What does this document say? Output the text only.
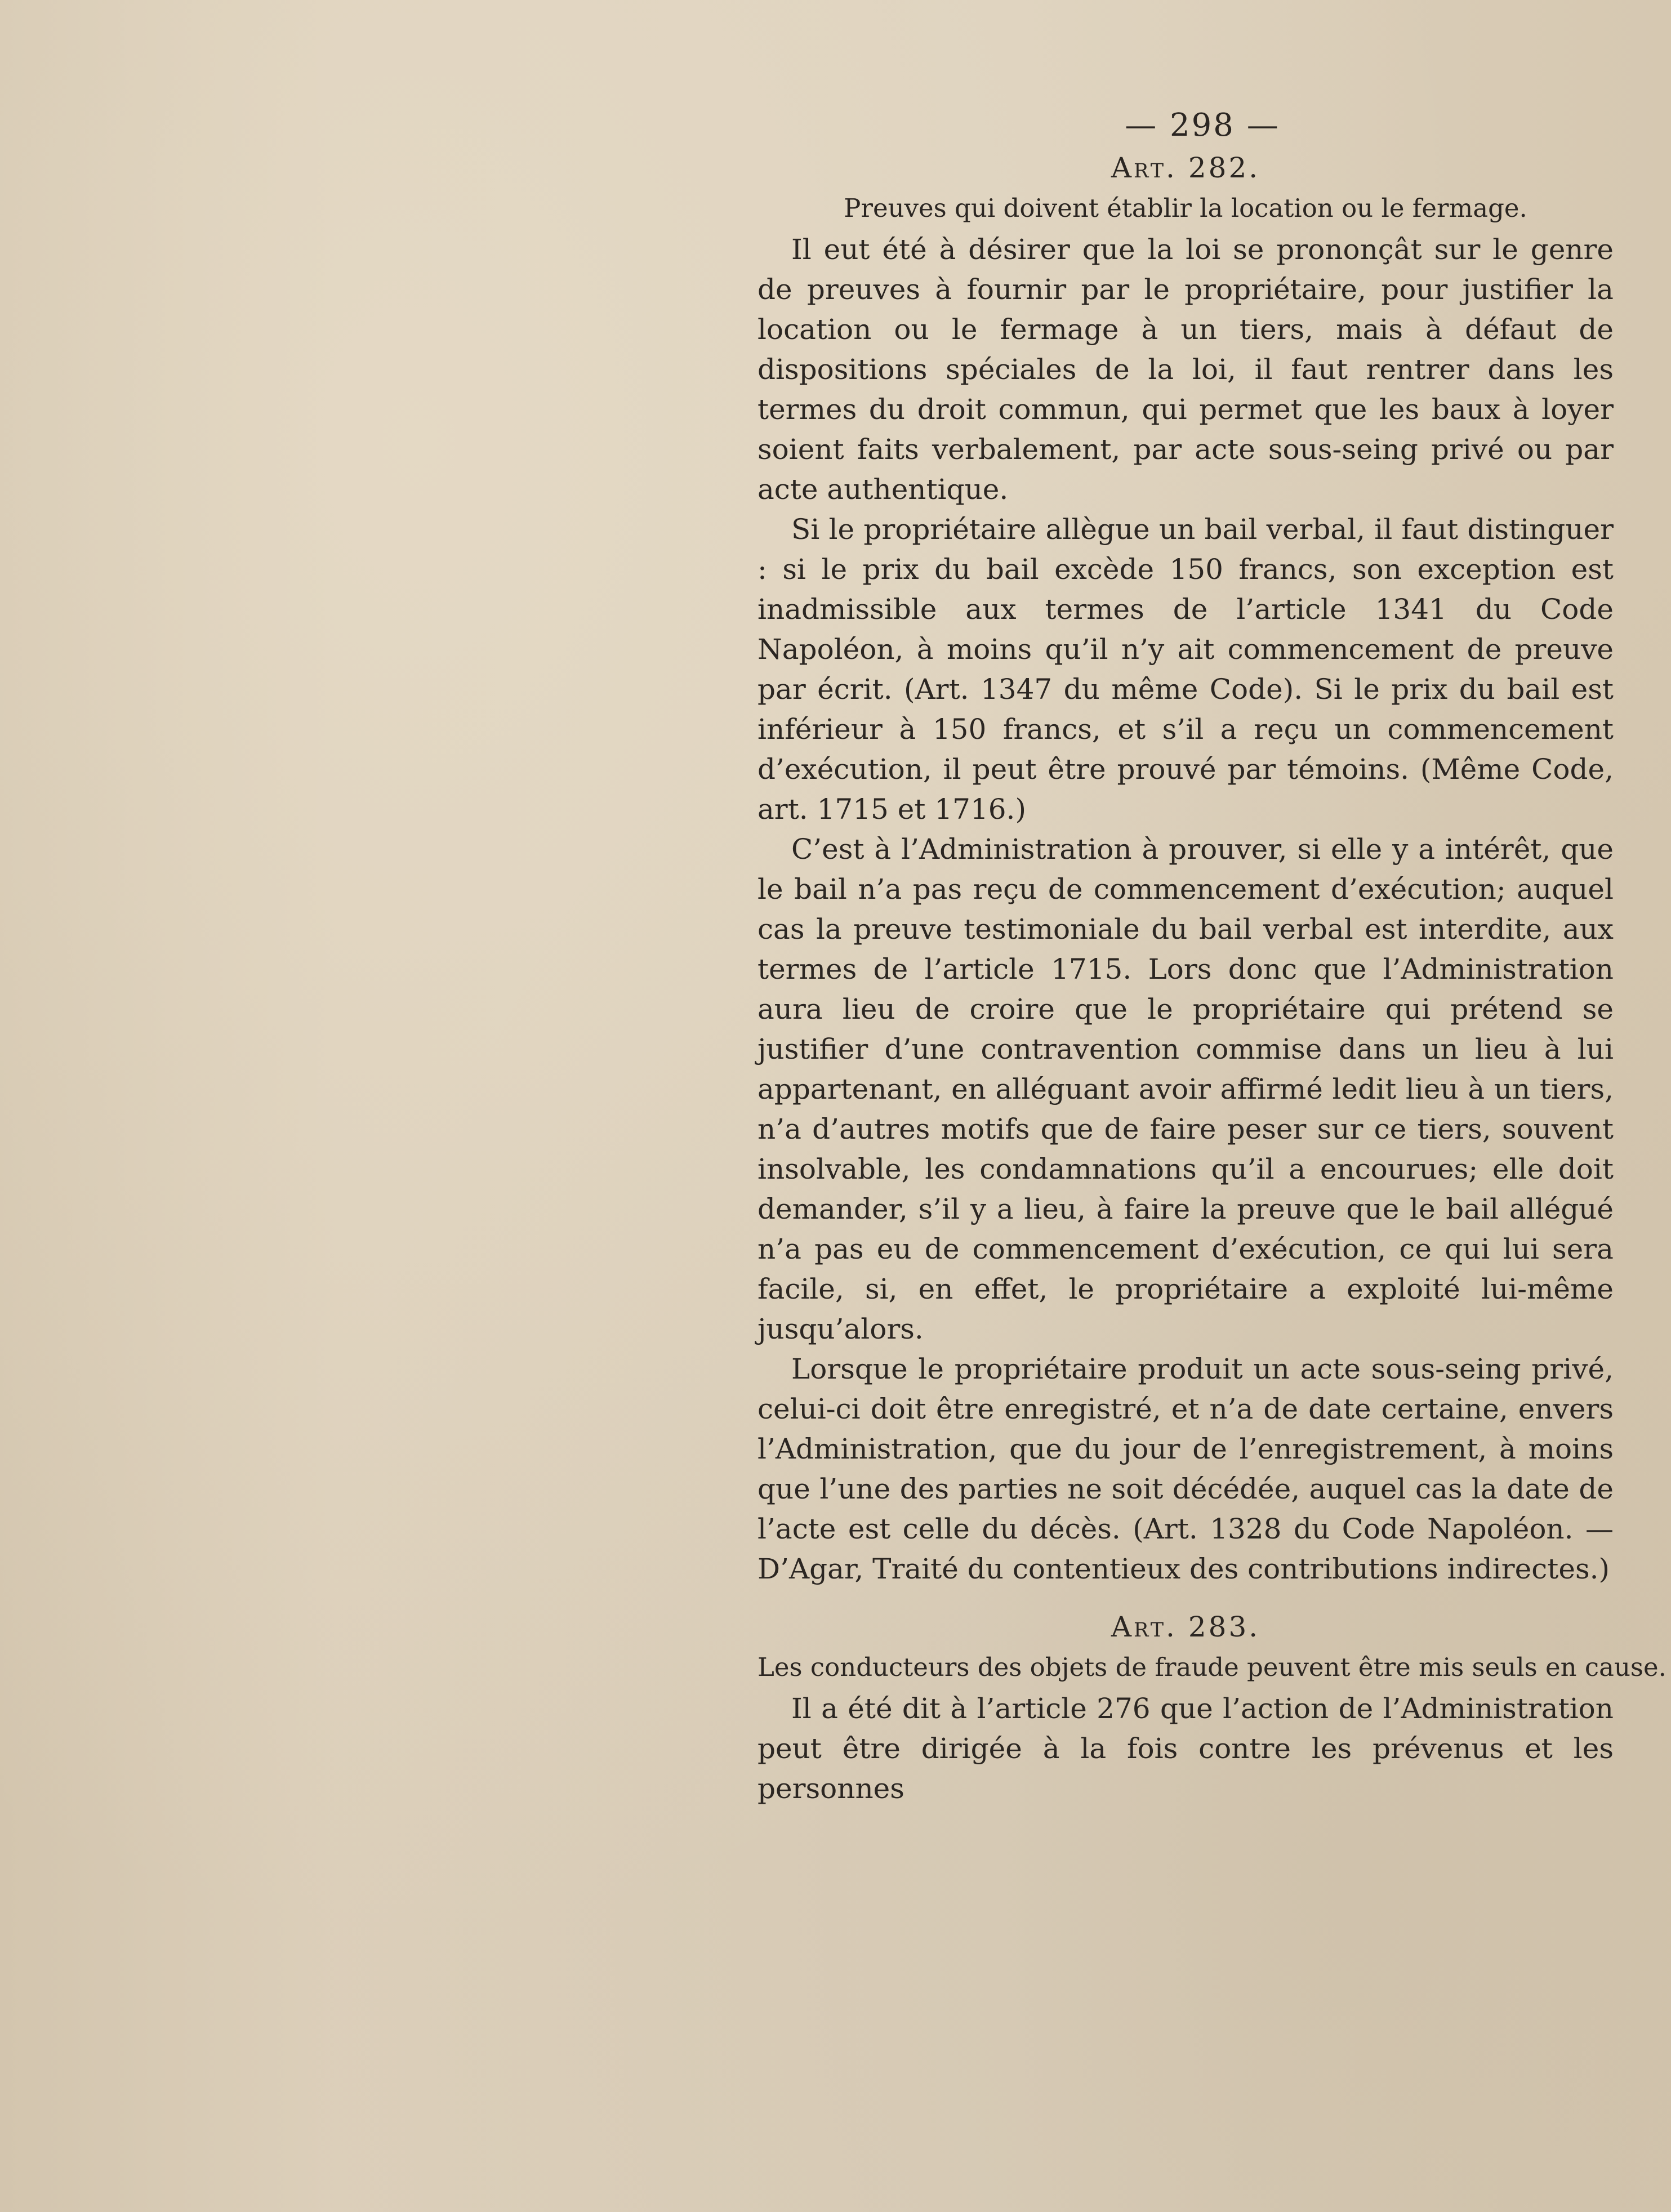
— 298 —
Art. 282.
Preuves qui doivent établir la location ou le fermage.

Il eut été à désirer que la loi se prononçât sur le genre de preuves à fournir par le propriétaire, pour justifier la location ou le fermage à un tiers, mais à défaut de dispositions spéciales de la loi, il faut rentrer dans les termes du droit commun, qui permet que les baux à loyer soient faits verbalement, par acte sous-seing privé ou par acte authentique.

Si le propriétaire allègue un bail verbal, il faut distinguer : si le prix du bail excède 150 francs, son exception est inadmissible aux termes de l’article 1341 du Code Napoléon, à moins qu’il n’y ait commencement de preuve par écrit. (Art. 1347 du même Code). Si le prix du bail est inférieur à 150 francs, et s’il a reçu un commencement d’exécution, il peut être prouvé par témoins. (Même Code, art. 1715 et 1716.)

C’est à l’Administration à prouver, si elle y a intérêt, que le bail n’a pas reçu de commencement d’exécution; auquel cas la preuve testimoniale du bail verbal est interdite, aux termes de l’article 1715. Lors donc que l’Administration aura lieu de croire que le propriétaire qui prétend se justifier d’une contravention commise dans un lieu à lui appartenant, en alléguant avoir affirmé ledit lieu à un tiers, n’a d’autres motifs que de faire peser sur ce tiers, souvent insolvable, les condamnations qu’il a encourues; elle doit demander, s’il y a lieu, à faire la preuve que le bail allégué n’a pas eu de commencement d’exécution, ce qui lui sera facile, si, en effet, le propriétaire a exploité lui-même jusqu’alors.

Lorsque le propriétaire produit un acte sous-seing privé, celui-ci doit être enregistré, et n’a de date certaine, envers l’Administration, que du jour de l’enregistrement, à moins que l’une des parties ne soit décédée, auquel cas la date de l’acte est celle du décès. (Art. 1328 du Code Napoléon. — D’Agar, Traité du contentieux des contributions indirectes.)

Art. 283.
Les conducteurs des objets de fraude peuvent être mis seuls en cause.

Il a été dit à l’article 276 que l’action de l’Administration peut être dirigée à la fois contre les prévenus et les personnes
